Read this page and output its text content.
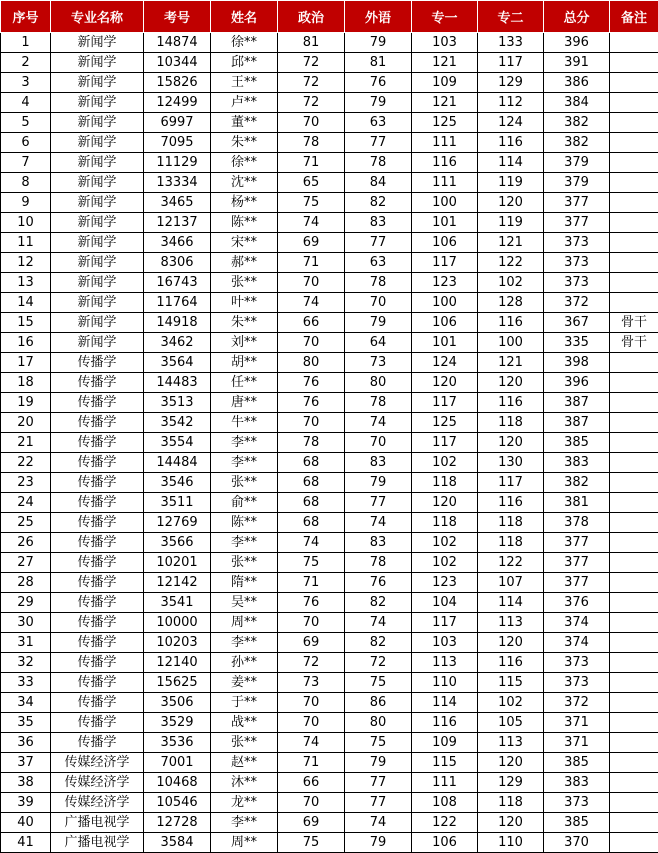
序号	专业名称	考号	姓名	政治	外语	专一	专二	总分	备注
1	新闻学	14874	徐**	81	79	103	133	396	
2	新闻学	10344	邱**	72	81	121	117	391	
3	新闻学	15826	王**	72	76	109	129	386	
4	新闻学	12499	卢**	72	79	121	112	384	
5	新闻学	6997	董**	70	63	125	124	382	
6	新闻学	7095	朱**	78	77	111	116	382	
7	新闻学	11129	徐**	71	78	116	114	379	
8	新闻学	13334	沈**	65	84	111	119	379	
9	新闻学	3465	杨**	75	82	100	120	377	
10	新闻学	12137	陈**	74	83	101	119	377	
11	新闻学	3466	宋**	69	77	106	121	373	
12	新闻学	8306	郝**	71	63	117	122	373	
13	新闻学	16743	张**	70	78	123	102	373	
14	新闻学	11764	叶**	74	70	100	128	372	
15	新闻学	14918	朱**	66	79	106	116	367	骨干
16	新闻学	3462	刘**	70	64	101	100	335	骨干
17	传播学	3564	胡**	80	73	124	121	398	
18	传播学	14483	任**	76	80	120	120	396	
19	传播学	3513	唐**	76	78	117	116	387	
20	传播学	3542	牛**	70	74	125	118	387	
21	传播学	3554	李**	78	70	117	120	385	
22	传播学	14484	李**	68	83	102	130	383	
23	传播学	3546	张**	68	79	118	117	382	
24	传播学	3511	俞**	68	77	120	116	381	
25	传播学	12769	陈**	68	74	118	118	378	
26	传播学	3566	李**	74	83	102	118	377	
27	传播学	10201	张**	75	78	102	122	377	
28	传播学	12142	隋**	71	76	123	107	377	
29	传播学	3541	吴**	76	82	104	114	376	
30	传播学	10000	周**	70	74	117	113	374	
31	传播学	10203	李**	69	82	103	120	374	
32	传播学	12140	孙**	72	72	113	116	373	
33	传播学	15625	姜**	73	75	110	115	373	
34	传播学	3506	于**	70	86	114	102	372	
35	传播学	3529	战**	70	80	116	105	371	
36	传播学	3536	张**	74	75	109	113	371	
37	传媒经济学	7001	赵**	71	79	115	120	385	
38	传媒经济学	10468	沐**	66	77	111	129	383	
39	传媒经济学	10546	龙**	70	77	108	118	373	
40	广播电视学	12728	李**	69	74	122	120	385	
41	广播电视学	3584	周**	75	79	106	110	370	
